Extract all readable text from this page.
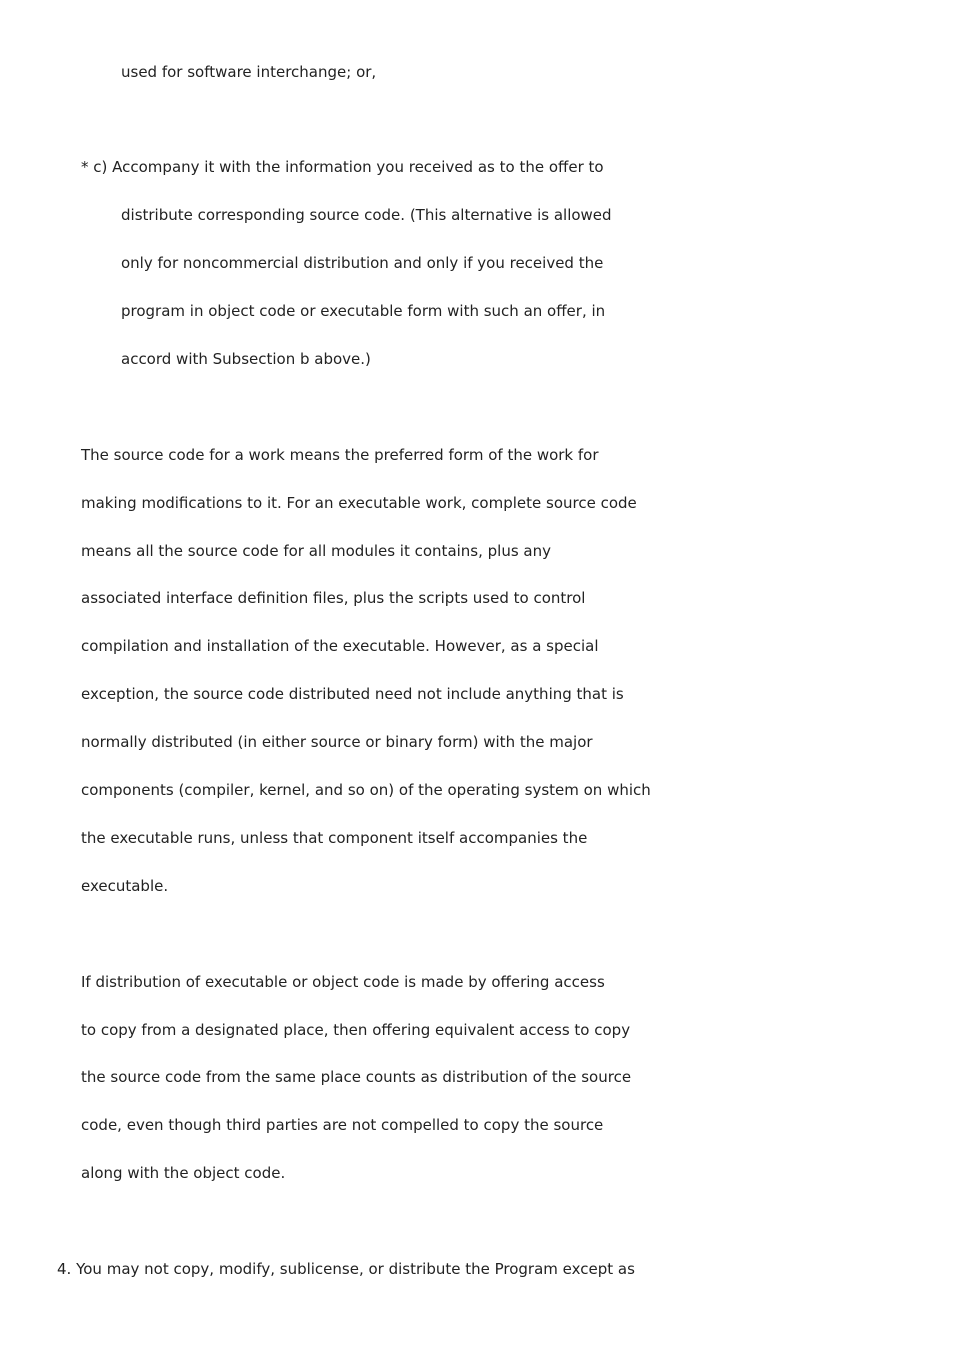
used for software interchange; or,
* c) Accompany it with the information you received as to the offer to
distribute corresponding source code. (This alternative is allowed
only for noncommercial distribution and only if you received the
program in object code or executable form with such an offer, in
accord with Subsection b above.)
The source code for a work means the preferred form of the work for
making modifications to it. For an executable work, complete source code
means all the source code for all modules it contains, plus any
associated interface definition files, plus the scripts used to control
compilation and installation of the executable. However, as a special
exception, the source code distributed need not include anything that is
normally distributed (in either source or binary form) with the major
components (compiler, kernel, and so on) of the operating system on which
the executable runs, unless that component itself accompanies the
executable.
If distribution of executable or object code is made by offering access
to copy from a designated place, then offering equivalent access to copy
the source code from the same place counts as distribution of the source
code, even though third parties are not compelled to copy the source
along with the object code.
4. You may not copy, modify, sublicense, or distribute the Program except as
